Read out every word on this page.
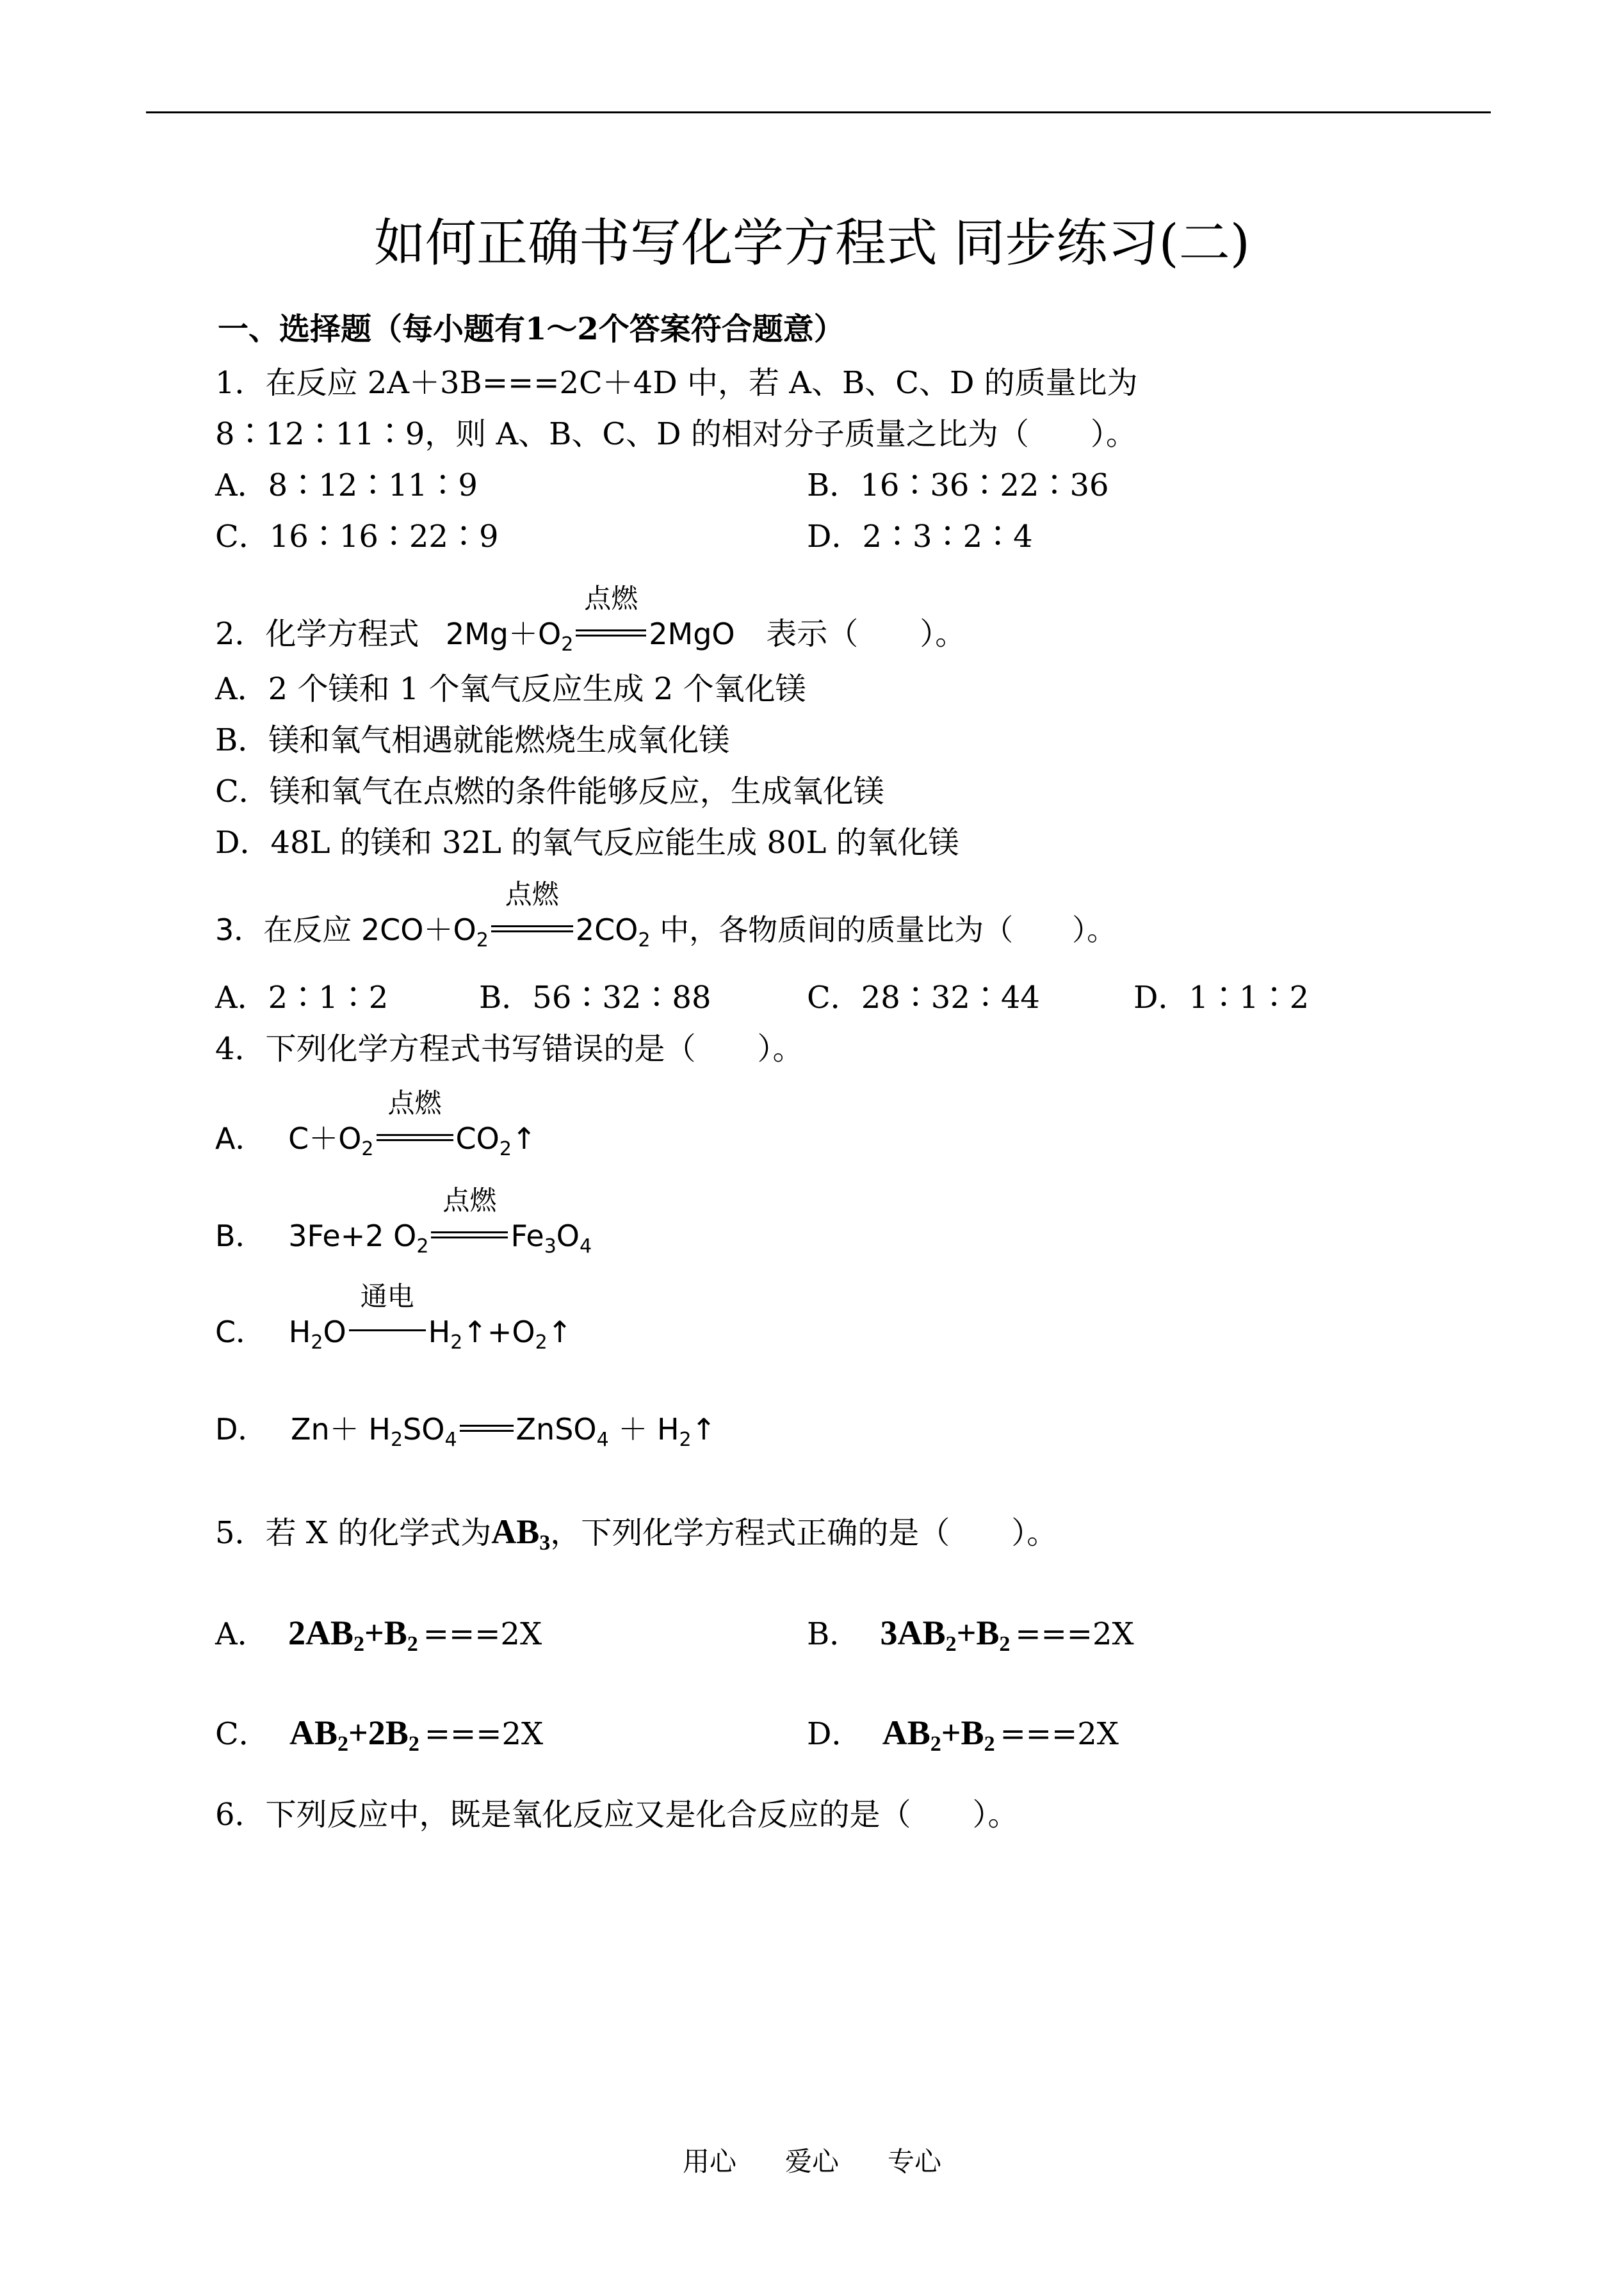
如何正确书写化学方程式 同步练习(二)
一、选择题（每小题有1～2个答案符合题意）
1．在反应 2A＋3B===2C＋4D 中，若 A、B、C、D 的质量比为
8∶12∶11∶9，则 A、B、C、D 的相对分子质量之比为（　　）。
A．8∶12∶11∶9	B．16∶36∶22∶36
C．16∶16∶22∶9	D．2∶3∶2∶4
2．化学方程式 $2Mg+O_2$
点燃
2MgO 表示（　　）。
A．2 个镁和 1 个氧气反应生成 2 个氧化镁
B．镁和氧气相遇就能燃烧生成氧化镁
C．镁和氧气在点燃的条件能够反应，生成氧化镁
D．48L 的镁和 32L 的氧气反应能生成 80L 的氧化镁
3．在反应 $2CO+O_2$
点燃
$2CO_2$ 中，各物质间的质量比为（　　）。
A．2∶1∶2	B．56∶32∶88	C．28∶32∶44	D．1∶1∶2
4．下列化学方程式书写错误的是（　　）。
A． $C+O_2$
点燃
$CO_2↑$
B． 3Fe+2 $O_2$
点燃
$Fe_3O_4$
C． $H_2O$
通电
$H_2↑+O_2↑$
D． $Zn+ H_2SO_4$ ZnSO$_4$ ＋ $H_2↑$
5．若 X 的化学式为$AB_3$，下列化学方程式正确的是（　　）。
A． $2AB_2+B_2 ===2X$	B． $3AB_2+B_2 ===2X$
C． $AB_2+2B_2 ===2X$	D． $AB_2+B_2 ===2X$
6．下列反应中，既是氧化反应又是化合反应的是（　　）。
用心 爱心 专心
